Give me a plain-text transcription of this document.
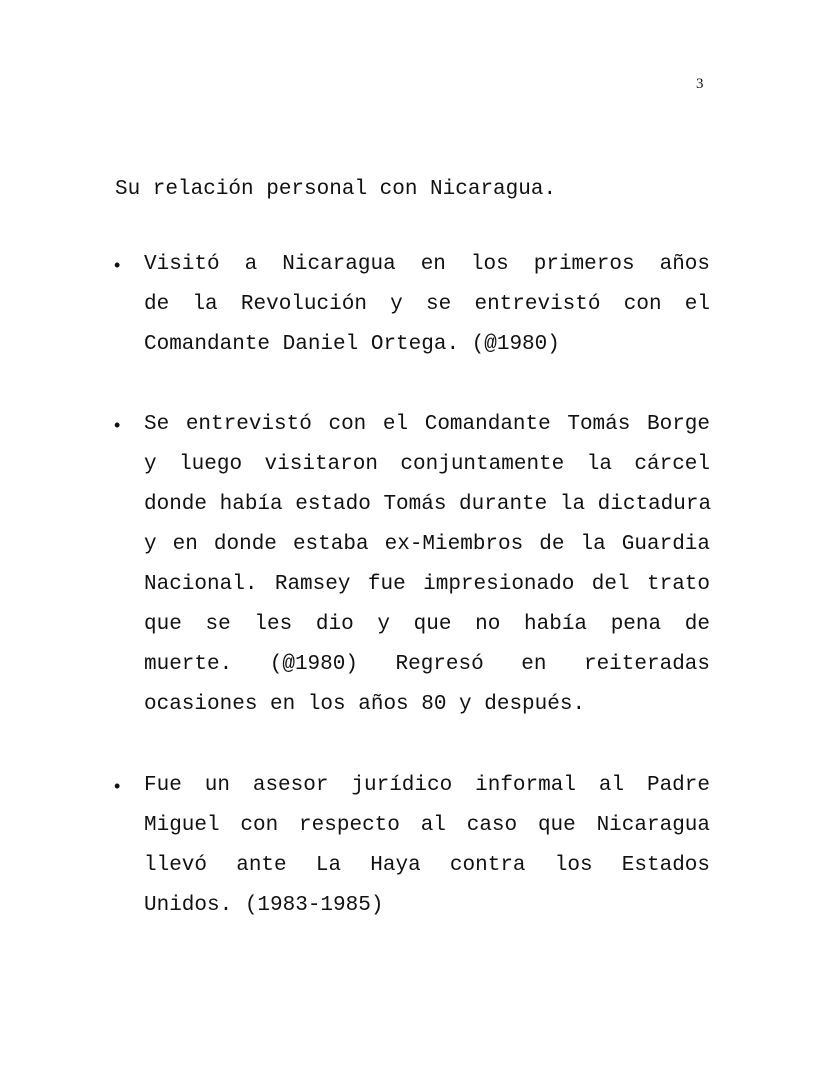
3
Su relación personal con Nicaragua.
• Visitó a Nicaragua en los primeros años
de la Revolución y se entrevistó con el
Comandante Daniel Ortega. (@1980)
• Se entrevistó con el Comandante Tomás Borge
y luego visitaron conjuntamente la cárcel
donde había estado Tomás durante la dictadura
y en donde estaba ex-Miembros de la Guardia
Nacional. Ramsey fue impresionado del trato
que se les dio y que no había pena de
muerte. (@1980) Regresó en reiteradas
ocasiones en los años 80 y después.
• Fue un asesor jurídico informal al Padre
Miguel con respecto al caso que Nicaragua
llevó ante La Haya contra los Estados
Unidos. (1983-1985)
